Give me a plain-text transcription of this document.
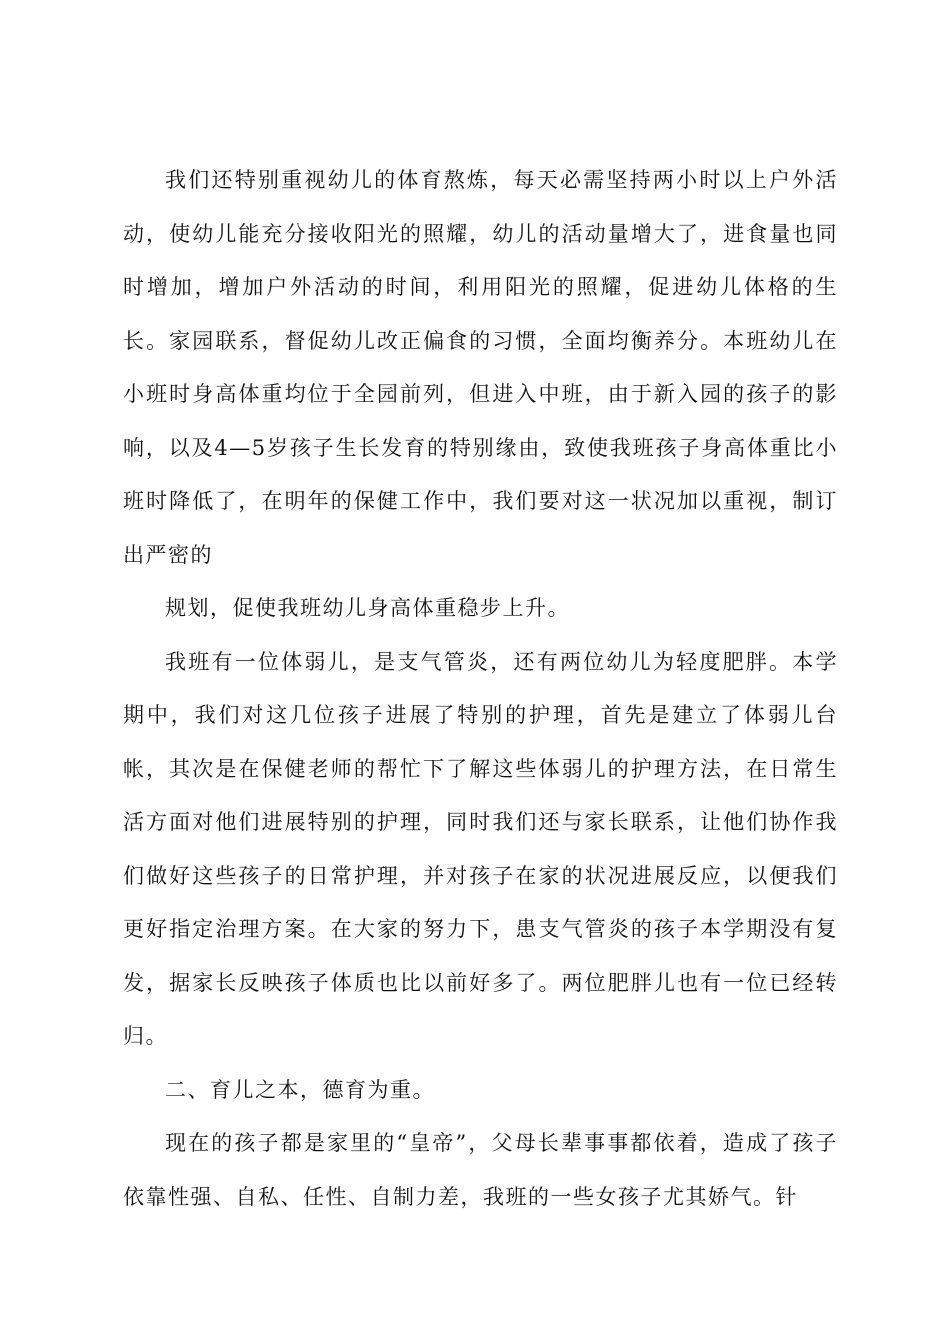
我们还特别重视幼儿的体育熬炼，每天必需坚持两小时以上户外活动，使幼儿能充分接收阳光的照耀，幼儿的活动量增大了，进食量也同时增加，增加户外活动的时间，利用阳光的照耀，促进幼儿体格的生长。家园联系，督促幼儿改正偏食的习惯，全面均衡养分。本班幼儿在小班时身高体重均位于全园前列，但进入中班，由于新入园的孩子的影响，以及4—5岁孩子生长发育的特别缘由，致使我班孩子身高体重比小班时降低了，在明年的保健工作中，我们要对这一状况加以重视，制订出严密的

规划，促使我班幼儿身高体重稳步上升。

我班有一位体弱儿，是支气管炎，还有两位幼儿为轻度肥胖。本学期中，我们对这几位孩子进展了特别的护理，首先是建立了体弱儿台帐，其次是在保健老师的帮忙下了解这些体弱儿的护理方法，在日常生活方面对他们进展特别的护理，同时我们还与家长联系，让他们协作我们做好这些孩子的日常护理，并对孩子在家的状况进展反应，以便我们更好指定治理方案。在大家的努力下，患支气管炎的孩子本学期没有复发，据家长反映孩子体质也比以前好多了。两位肥胖儿也有一位已经转归。

二、育儿之本，德育为重。

现在的孩子都是家里的“皇帝”，父母长辈事事都依着，造成了孩子依靠性强、自私、任性、自制力差，我班的一些女孩子尤其娇气。针
